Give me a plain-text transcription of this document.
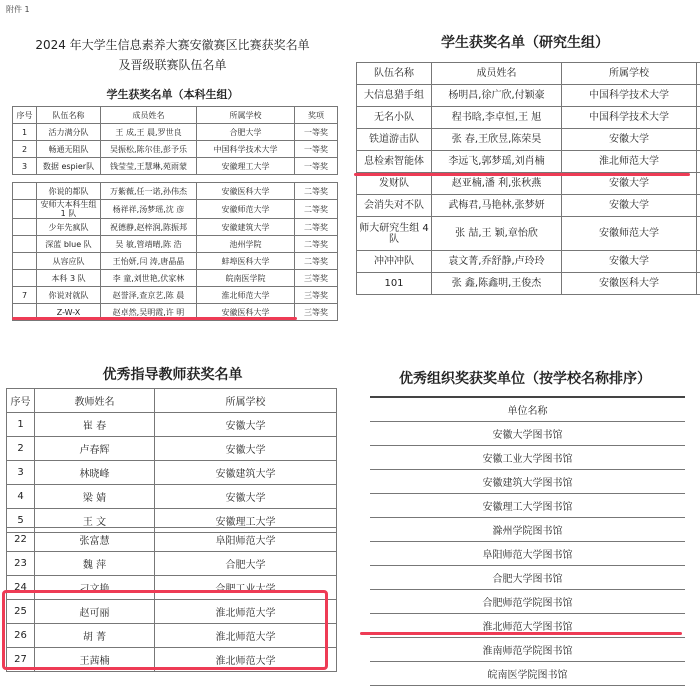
附件 1
2024 年大学生信息素养大赛安徽赛区比赛获奖名单
及晋级联赛队伍名单
学生获奖名单（本科生组）
序号	队伍名称	成员姓名	所属学校	奖项
1	活力满分队	王 成,王 晨,罗世良	合肥大学	一等奖
2	畅通无阻队	吴振松,陈尔佳,彭予乐	中国科学技术大学	一等奖
3	数据 espier队	钱莹莹,王慧琳,苑雨蒙	安徽理工大学	一等奖
	你说的都队	万紫薇,任一诺,孙伟杰	安徽医科大学	二等奖
	安师大本科生组 1 队	杨祥祥,汤梦瑶,沈 彦	安徽师范大学	二等奖
	少年先疯队	祝德静,赵梓润,陈振邦	安徽建筑大学	二等奖
	深蓝 blue 队	吴 敏,管靖晴,陈 浩	池州学院	二等奖
	从容应队	王怡妍,闫 涛,唐晶晶	蚌埠医科大学	二等奖
	本科 3 队	李 童,刘世艳,伏家林	皖南医学院	三等奖
7	你说对就队	赵誉泽,查京艺,陈 晨	淮北师范大学	三等奖
	Z-W-X	赵卓然,吴明霞,许 明	安徽医科大学	三等奖
学生获奖名单（研究生组）
队伍名称	成员姓名	所属学校	
大信息猎手组	杨明昌,徐广欣,付颖豪	中国科学技术大学	
无名小队	程书晗,李卓恒,王 旭	中国科学技术大学	
铁道游击队	张 春,王欣昱,陈荣昊	安徽大学	
息检索智能体	李远飞,郭梦瑶,刘肖楠	淮北师范大学	
发财队	赵亚楠,潘 利,张秋燕	安徽大学	
会消失对不队	武梅君,马艳林,张梦妍	安徽大学	
师大研究生组 4队	张 喆,王 颖,章怡欣	安徽师范大学	
冲冲冲队	袁文菁,乔舒静,卢玲玲	安徽大学	
101	张 鑫,陈鑫明,王俊杰	安徽医科大学	
优秀指导教师获奖名单
序号	教师姓名	所属学校
1	崔 春	安徽大学
2	卢春辉	安徽大学
3	林晓峰	安徽建筑大学
4	梁 婧	安徽大学
5	王 文	安徽理工大学
22	张富慧	阜阳师范大学
23	魏 萍	合肥大学
24	刁文艳	合肥工业大学
25	赵可丽	淮北师范大学
26	胡 菁	淮北师范大学
27	王茜楠	淮北师范大学
优秀组织奖获奖单位（按学校名称排序）
单位名称
安徽大学图书馆
安徽工业大学图书馆
安徽建筑大学图书馆
安徽理工大学图书馆
滁州学院图书馆
阜阳师范大学图书馆
合肥大学图书馆
合肥师范学院图书馆
淮北师范大学图书馆
淮南师范学院图书馆
皖南医学院图书馆
